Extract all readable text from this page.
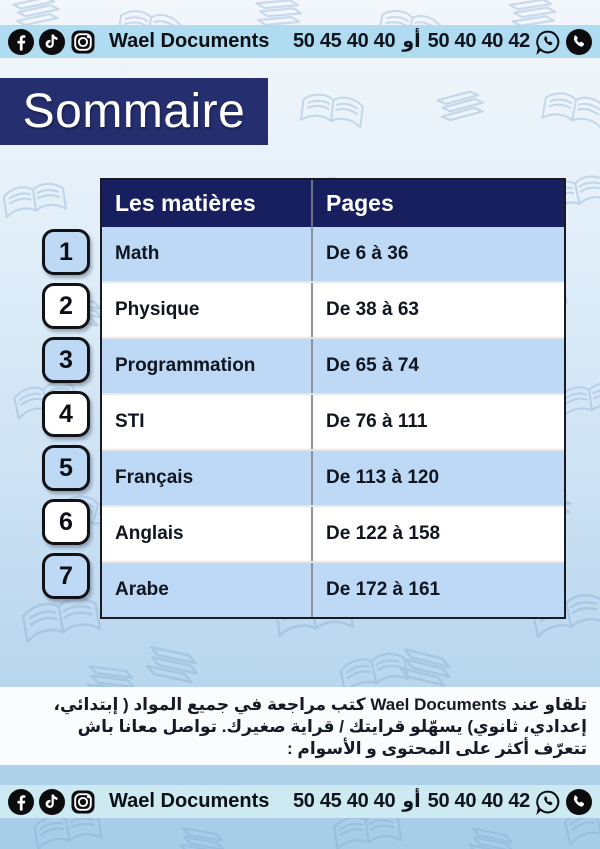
Wael Documents 50 45 40 40 أو 50 40 40 42
Sommaire
1
2
3
4
5
6
7
Les matières	Pages
Math	De 6 à 36
Physique	De 38 à 63
Programmation	De 65 à 74
STI	De 76 à 111
Français	De 113 à 120
Anglais	De 122 à 158
Arabe	De 172 à 161
تلقاو عند Wael Documents كتب مراجعة في جميع المواد ( إبتدائي،
إعدادي، ثانوي) يسهّلو قرايتك / قراية صغيرك. تواصل معانا باش
تتعرّف أكثر على المحتوى و الأسوام :
Wael Documents 50 45 40 40 أو 50 40 40 42
